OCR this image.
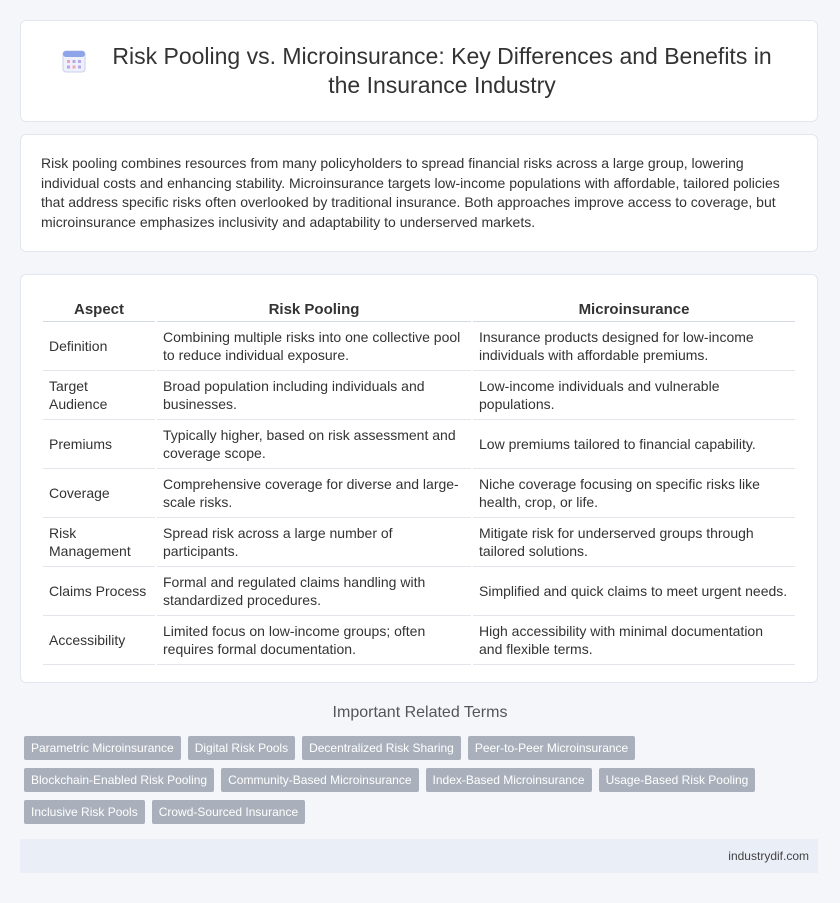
Risk Pooling vs. Microinsurance: Key Differences and Benefits in the Insurance Industry

Risk pooling combines resources from many policyholders to spread financial risks across a large group, lowering individual costs and enhancing stability. Microinsurance targets low-income populations with affordable, tailored policies that address specific risks often overlooked by traditional insurance. Both approaches improve access to coverage, but microinsurance emphasizes inclusivity and adaptability to underserved markets.

Aspect	Risk Pooling	Microinsurance
Definition	Combining multiple risks into one collective pool to reduce individual exposure.	Insurance products designed for low-income individuals with affordable premiums.
Target Audience	Broad population including individuals and businesses.	Low-income individuals and vulnerable populations.
Premiums	Typically higher, based on risk assessment and coverage scope.	Low premiums tailored to financial capability.
Coverage	Comprehensive coverage for diverse and large-scale risks.	Niche coverage focusing on specific risks like health, crop, or life.
Risk Management	Spread risk across a large number of participants.	Mitigate risk for underserved groups through tailored solutions.
Claims Process	Formal and regulated claims handling with standardized procedures.	Simplified and quick claims to meet urgent needs.
Accessibility	Limited focus on low-income groups; often requires formal documentation.	High accessibility with minimal documentation and flexible terms.
Important Related Terms
Parametric Microinsurance	Digital Risk Pools	Decentralized Risk Sharing	Peer-to-Peer Microinsurance
Blockchain-Enabled Risk Pooling	Community-Based Microinsurance	Index-Based Microinsurance	Usage-Based Risk Pooling
Inclusive Risk Pools	Crowd-Sourced Insurance
industrydif.com
